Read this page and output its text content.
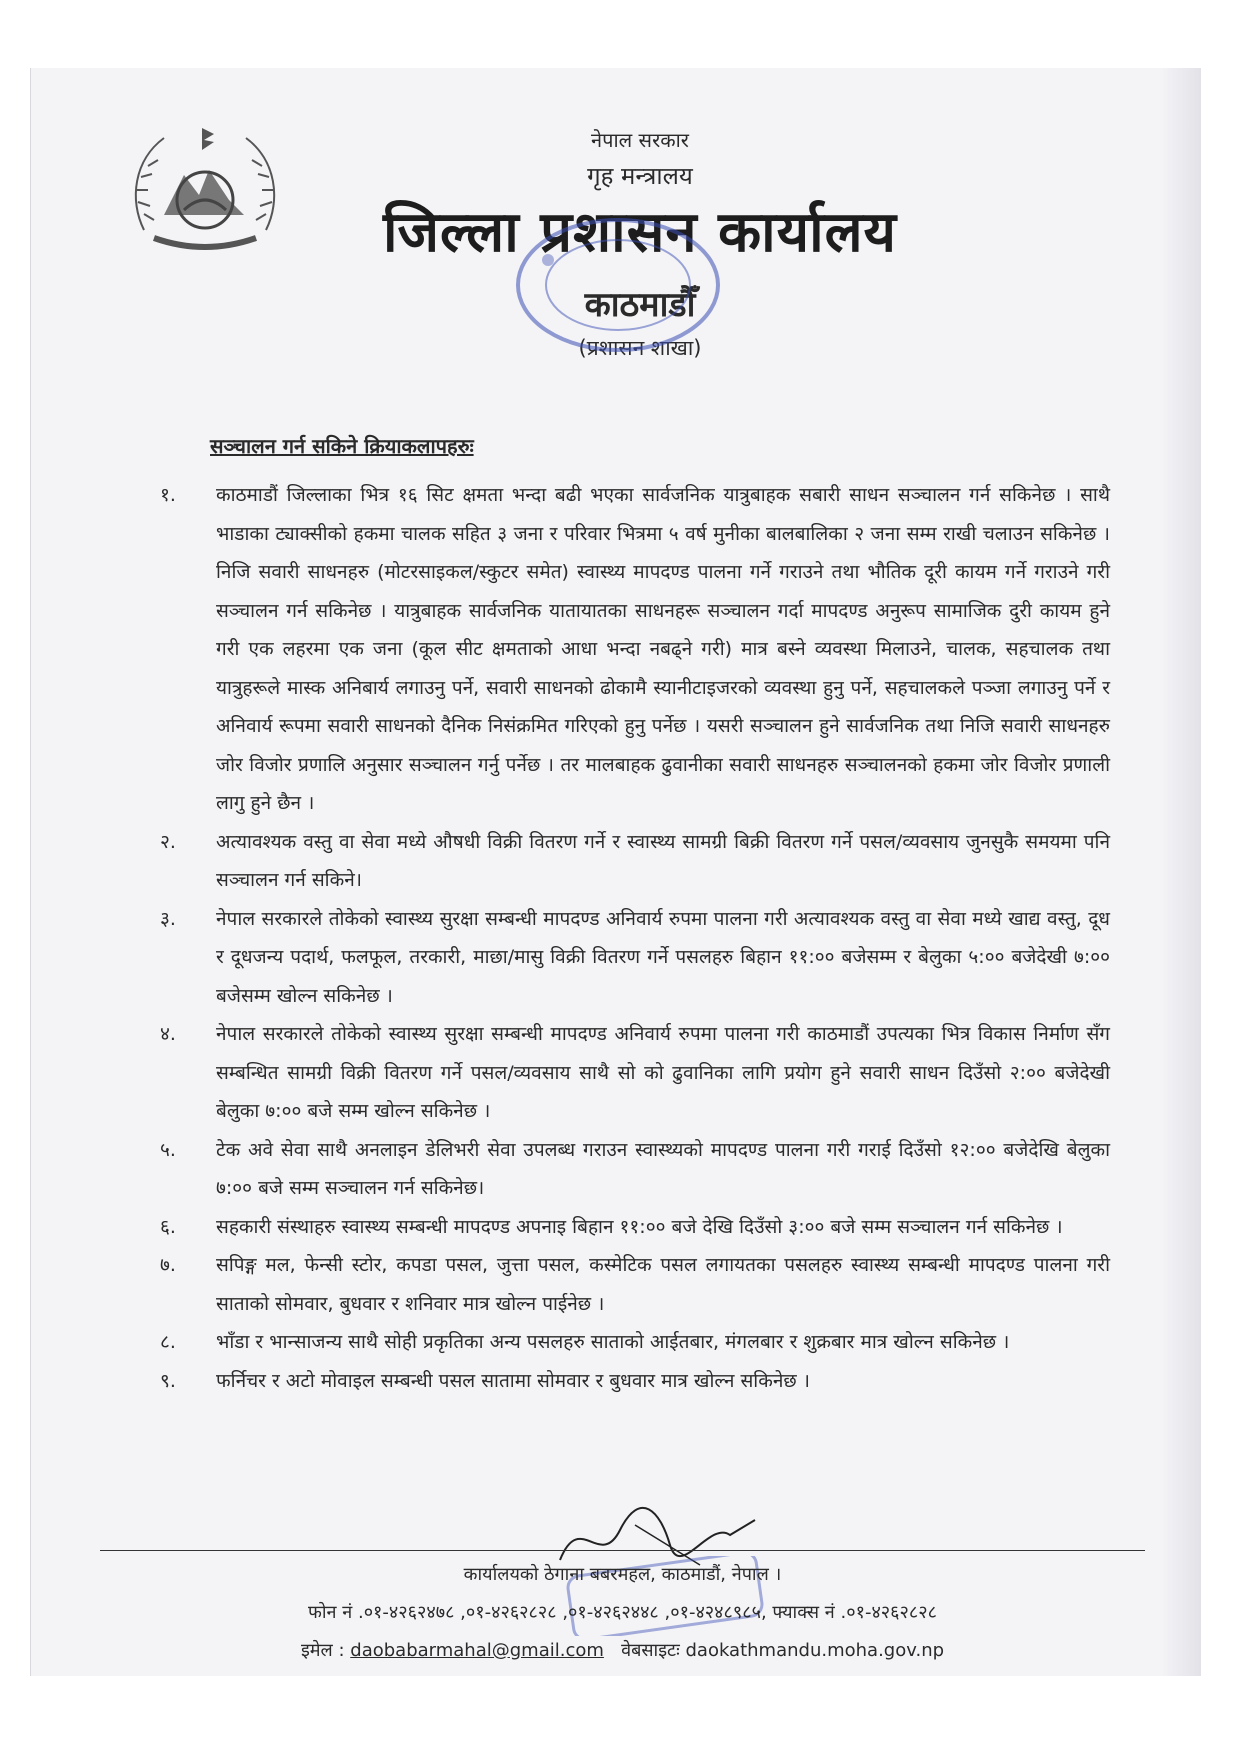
नेपाल सरकार
गृह मन्त्रालय
जिल्ला प्रशासन कार्यालय
काठमाडौँ
(प्रशासन शाखा)
सञ्चालन गर्न सकिने क्रियाकलापहरुः
१.	काठमाडौं जिल्लाका भित्र १६ सिट क्षमता भन्दा बढी भएका सार्वजनिक यात्रुबाहक सबारी साधन सञ्चालन गर्न सकिनेछ । साथै भाडाका ट्याक्सीको हकमा चालक सहित ३ जना र परिवार भित्रमा ५ वर्ष मुनीका बालबालिका २ जना सम्म राखी चलाउन सकिनेछ । निजि सवारी साधनहरु (मोटरसाइकल/स्कुटर समेत) स्वास्थ्य मापदण्ड पालना गर्ने गराउने तथा भौतिक दूरी कायम गर्ने गराउने गरी सञ्चालन गर्न सकिनेछ । यात्रुबाहक सार्वजनिक यातायातका साधनहरू सञ्चालन गर्दा मापदण्ड अनुरूप सामाजिक दुरी कायम हुने गरी एक लहरमा एक जना (कूल सीट क्षमताको आधा भन्दा नबढ्ने गरी) मात्र बस्ने व्यवस्था मिलाउने, चालक, सहचालक तथा यात्रुहरूले मास्क अनिबार्य लगाउनु पर्ने, सवारी साधनको ढोकामै स्यानीटाइजरको व्यवस्था हुनु पर्ने, सहचालकले पञ्जा लगाउनु पर्ने र अनिवार्य रूपमा सवारी साधनको दैनिक निसंक्रमित गरिएको हुनु पर्नेछ । यसरी सञ्चालन हुने सार्वजनिक तथा निजि सवारी साधनहरु जोर विजोर प्रणालि अनुसार सञ्चालन गर्नु पर्नेछ । तर मालबाहक ढुवानीका सवारी साधनहरु सञ्चालनको हकमा जोर विजोर प्रणाली लागु हुने छैन ।
२.	अत्यावश्यक वस्तु वा सेवा मध्ये औषधी विक्री वितरण गर्ने र स्वास्थ्य सामग्री बिक्री वितरण गर्ने पसल/व्यवसाय जुनसुकै समयमा पनि सञ्चालन गर्न सकिने।
३.	नेपाल सरकारले तोकेको स्वास्थ्य सुरक्षा सम्बन्धी मापदण्ड अनिवार्य रुपमा पालना गरी अत्यावश्यक वस्तु वा सेवा मध्ये खाद्य वस्तु, दूध र दूधजन्य पदार्थ, फलफूल, तरकारी, माछा/मासु विक्री वितरण गर्ने पसलहरु बिहान ११:०० बजेसम्म र बेलुका ५:०० बजेदेखी ७:०० बजेसम्म खोल्न सकिनेछ ।
४.	नेपाल सरकारले तोकेको स्वास्थ्य सुरक्षा सम्बन्धी मापदण्ड अनिवार्य रुपमा पालना गरी काठमाडौं उपत्यका भित्र विकास निर्माण सँग सम्बन्धित सामग्री विक्री वितरण गर्ने पसल/व्यवसाय साथै सो को ढुवानिका लागि प्रयोग हुने सवारी साधन दिउँसो २:०० बजेदेखी बेलुका ७:०० बजे सम्म खोल्न सकिनेछ ।
५.	टेक अवे सेवा साथै अनलाइन डेलिभरी सेवा उपलब्ध गराउन स्वास्थ्यको मापदण्ड पालना गरी गराई दिउँसो १२:०० बजेदेखि बेलुका ७:०० बजे सम्म सञ्चालन गर्न सकिनेछ।
६.	सहकारी संस्थाहरु स्वास्थ्य सम्बन्धी मापदण्ड अपनाइ बिहान ११:०० बजे देखि दिउँसो ३:०० बजे सम्म सञ्चालन गर्न सकिनेछ ।
७.	सपिङ्ग मल, फेन्सी स्टोर, कपडा पसल, जुत्ता पसल, कस्मेटिक पसल लगायतका पसलहरु स्वास्थ्य सम्बन्धी मापदण्ड पालना गरी साताको सोमवार, बुधवार र शनिवार मात्र खोल्न पाईनेछ ।
८.	भाँडा र भान्साजन्य साथै सोही प्रकृतिका अन्य पसलहरु साताको आईतबार, मंगलबार र शुक्रबार मात्र खोल्न सकिनेछ ।
९.	फर्निचर र अटो मोवाइल सम्बन्धी पसल सातामा सोमवार र बुधवार मात्र खोल्न सकिनेछ ।
कार्यालयको ठेगाना बबरमहल, काठमाडौं, नेपाल ।
फोन नं .०१-४२६२४७८ ,०१-४२६२८२८ ,०१-४२६२४४८ ,०१-४२४८९८५, फ्याक्स नं .०१-४२६२८२८
इमेल : daobabarmahal@gmail.com वेबसाइटः daokathmandu.moha.gov.np
